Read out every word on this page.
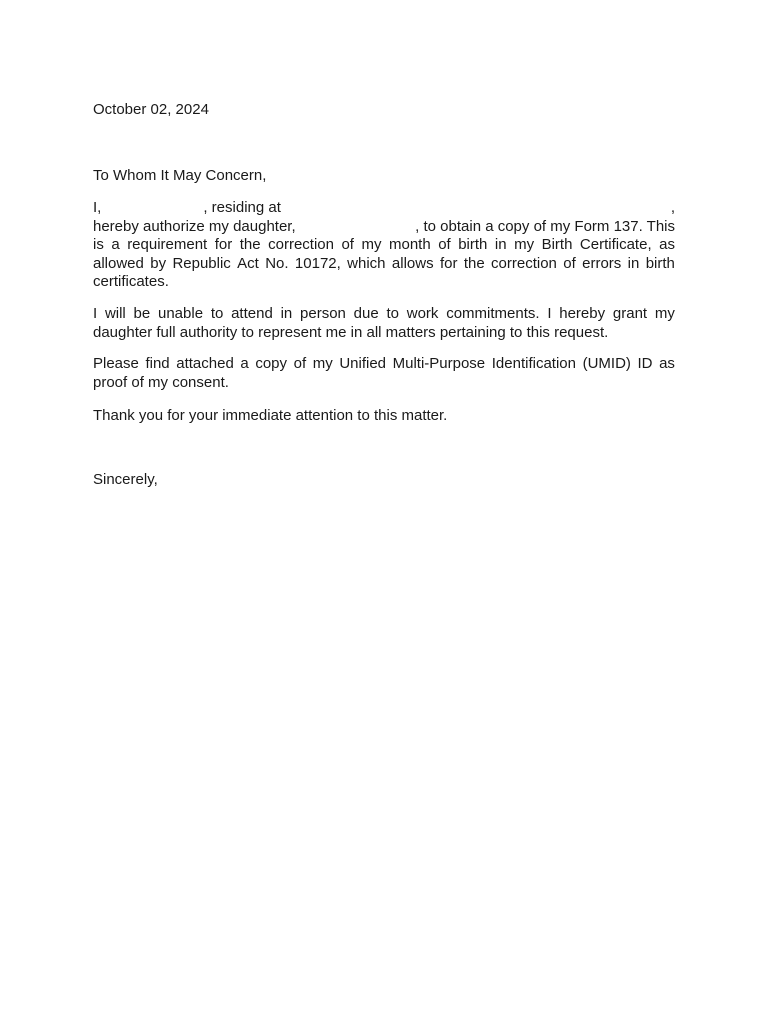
October 02, 2024
To Whom It May Concern,
I,	, residing at	,
hereby authorize my daughter,	, to obtain a copy of my Form 137. This
is a requirement for the correction of my month of birth in my Birth Certificate, as
allowed by Republic Act No. 10172, which allows for the correction of errors in birth
certificates.
I will be unable to attend in person due to work commitments. I hereby grant my
daughter full authority to represent me in all matters pertaining to this request.
Please find attached a copy of my Unified Multi-Purpose Identification (UMID) ID as
proof of my consent.
Thank you for your immediate attention to this matter.
Sincerely,
